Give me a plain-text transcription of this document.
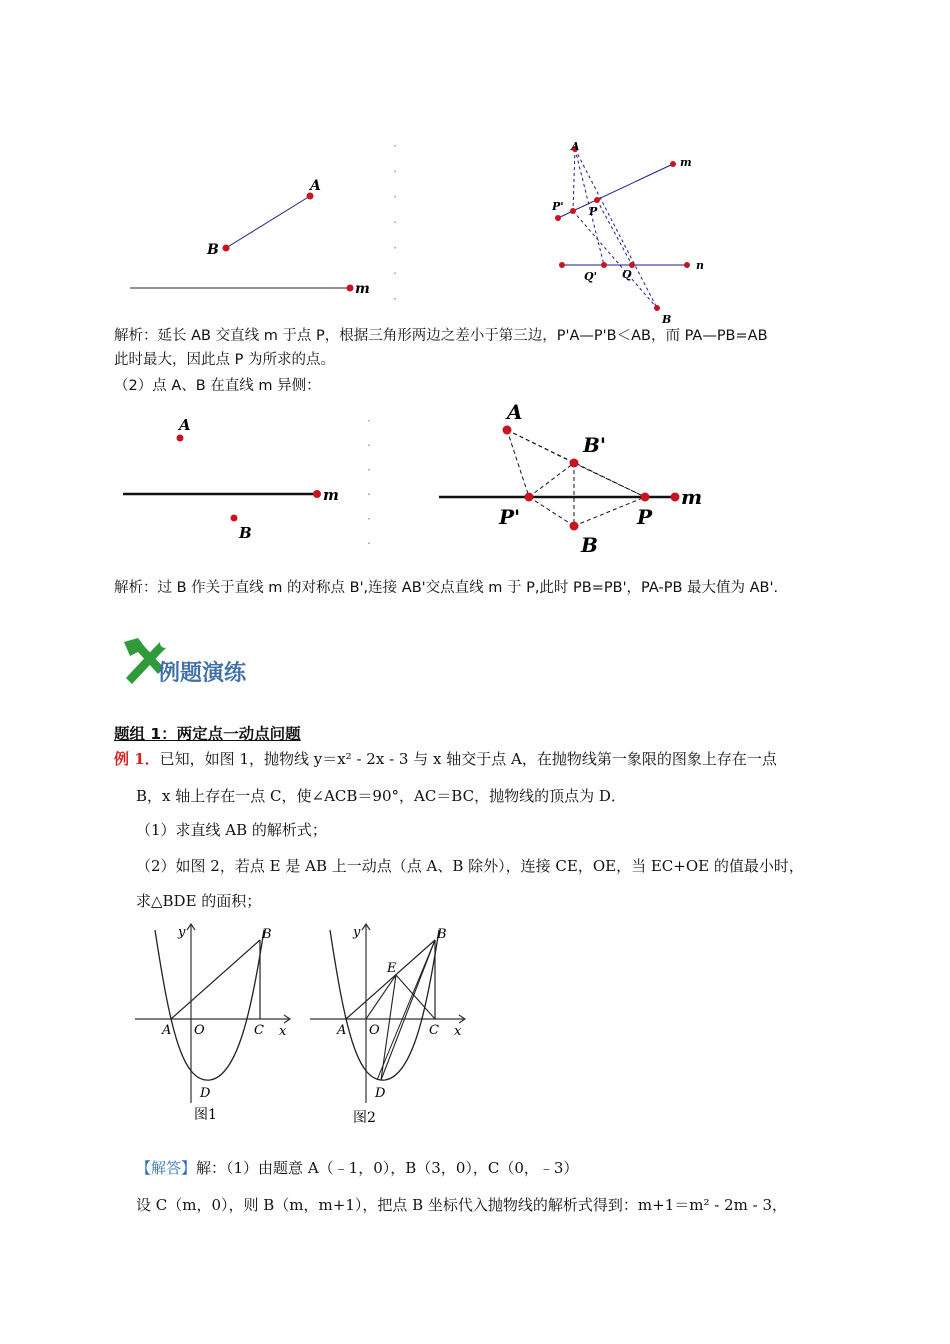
A
B
m
A
m
P' P
Q' Q
n
B
解析：延长 AB 交直线 m 于点 P，根据三角形两边之差小于第三边，P'A—P'B＜AB，而 PA—PB=AB
此时最大，因此点 P 为所求的点。
（2）点 A、B 在直线 m 异侧：
A
m
B
A
B'
P'	P
m
B
解析：过 B 作关于直线 m 的对称点 B',连接 AB'交点直线 m 于 P,此时 PB=PB'，PA-PB 最大值为 AB'.
例题演练
题组 1：两定点一动点问题
例 1．已知，如图 1，抛物线 y＝x² - 2x - 3 与 x 轴交于点 A，在抛物线第一象限的图象上存在一点
B，x 轴上存在一点 C，使∠ACB＝90°，AC＝BC，抛物线的顶点为 D．
（1）求直线 AB 的解析式；
（2）如图 2，若点 E 是 AB 上一动点（点 A、B 除外），连接 CE，OE，当 EC+OE 的值最小时，
求△BDE 的面积；
y
x
A O	C
B
D
图1
y
x
A O	C
B
D
E
图2
【解答】解：（1）由题意 A（﹣1，0），B（3，0），C（0，﹣3）
设 C（m，0），则 B（m，m+1），把点 B 坐标代入抛物线的解析式得到：m+1＝m² - 2m - 3，
